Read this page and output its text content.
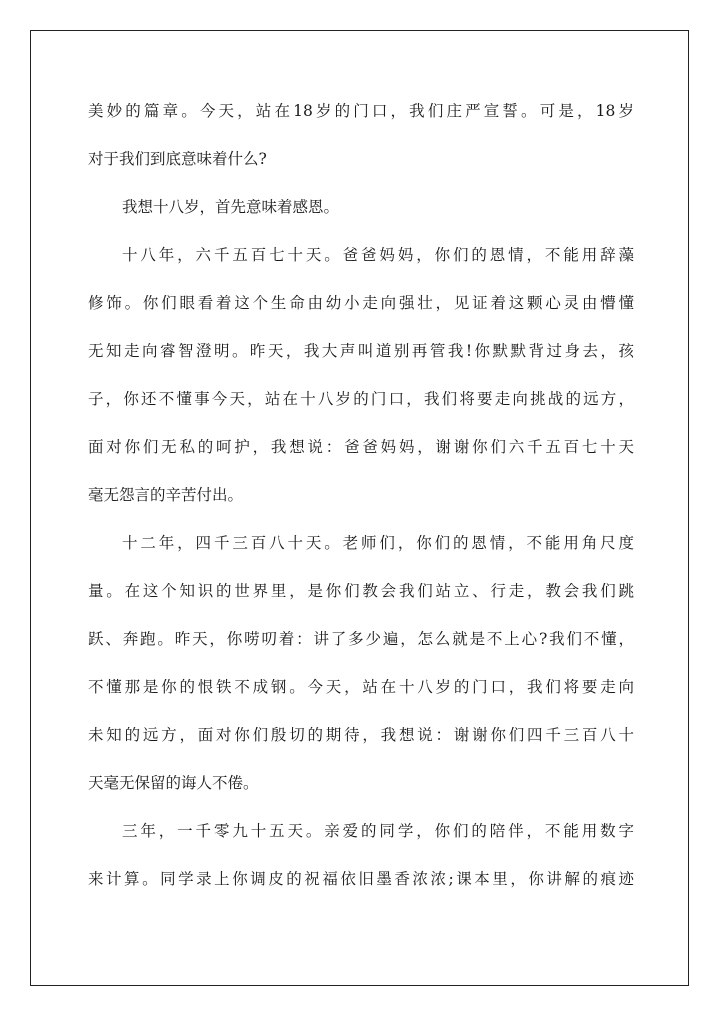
美妙的篇章。今天，站在18岁的门口，我们庄严宣誓。可是，18岁
对于我们到底意味着什么?
我想十八岁，首先意味着感恩。
十八年，六千五百七十天。爸爸妈妈，你们的恩情，不能用辞藻
修饰。你们眼看着这个生命由幼小走向强壮，见证着这颗心灵由懵懂
无知走向睿智澄明。昨天，我大声叫道别再管我!你默默背过身去，孩
子，你还不懂事今天，站在十八岁的门口，我们将要走向挑战的远方，
面对你们无私的呵护，我想说：爸爸妈妈，谢谢你们六千五百七十天
毫无怨言的辛苦付出。
十二年，四千三百八十天。老师们，你们的恩情，不能用角尺度
量。在这个知识的世界里，是你们教会我们站立、行走，教会我们跳
跃、奔跑。昨天，你唠叨着：讲了多少遍，怎么就是不上心?我们不懂，
不懂那是你的恨铁不成钢。今天，站在十八岁的门口，我们将要走向
未知的远方，面对你们殷切的期待，我想说：谢谢你们四千三百八十
天毫无保留的诲人不倦。
三年，一千零九十五天。亲爱的同学，你们的陪伴，不能用数字
来计算。同学录上你调皮的祝福依旧墨香浓浓;课本里，你讲解的痕迹
